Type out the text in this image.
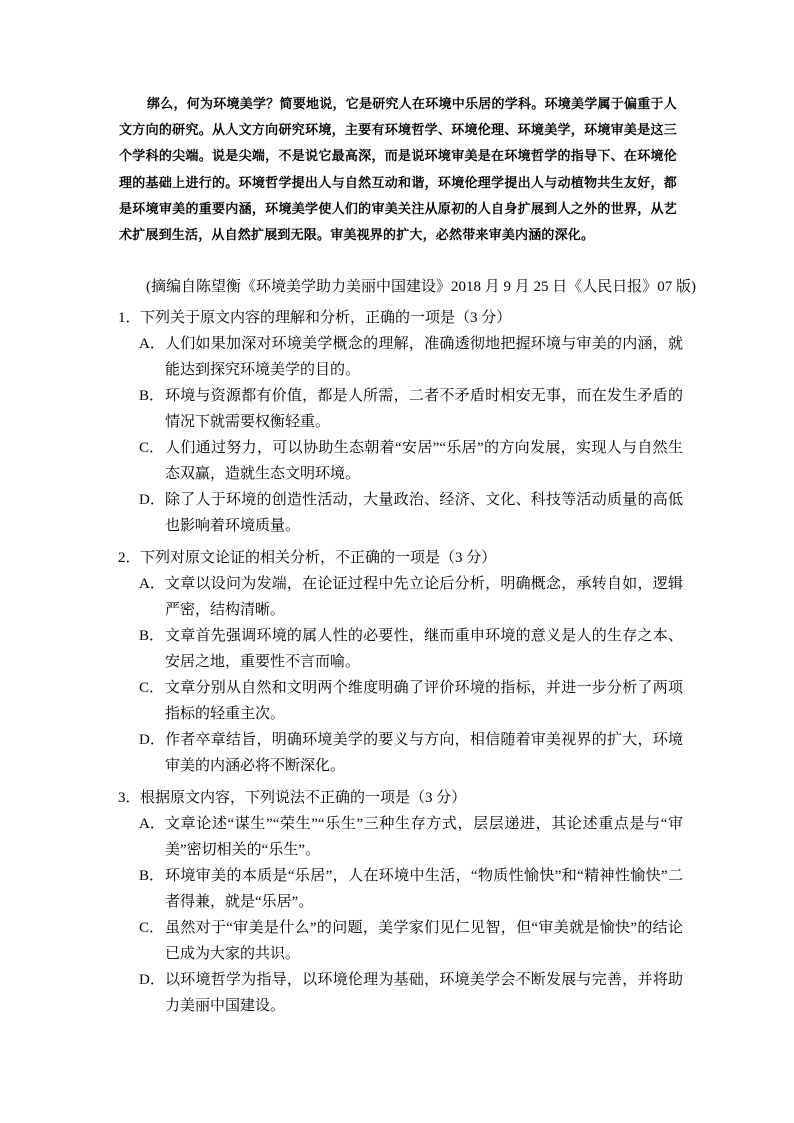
绑么，何为环境美学？简要地说，它是研究人在环境中乐居的学科。环境美学属于偏重于人文方向的研究。从人文方向研究环境，主要有环境哲学、环境伦理、环境美学，环境审美是这三个学科的尖端。说是尖端，不是说它最高深，而是说环境审美是在环境哲学的指导下、在环境伦理的基础上进行的。环境哲学提出人与自然互动和谐，环境伦理学提出人与动植物共生友好，都是环境审美的重要内涵，环境美学使人们的审美关注从原初的人自身扩展到人之外的世界，从艺术扩展到生活，从自然扩展到无限。审美视界的扩大，必然带来审美内涵的深化。
(摘编自陈望衡《环境美学助力美丽中国建设》2018 月 9 月 25 日《人民日报》07 版)
1．下列关于原文内容的理解和分析，正确的一项是（3 分）
A． 人们如果加深对环境美学概念的理解，准确透彻地把握环境与审美的内涵，就能达到探究环境美学的目的。
B． 环境与资源都有价值，都是人所需，二者不矛盾时相安无事，而在发生矛盾的情况下就需要权衡轻重。
C． 人们通过努力，可以协助生态朝着“安居”“乐居”的方向发展，实现人与自然生态双赢，造就生态文明环境。
D． 除了人于环境的创造性活动，大量政治、经济、文化、科技等活动质量的高低也影响着环境质量。
2．下列对原文论证的相关分析，不正确的一项是（3 分）
A． 文章以设问为发端，在论证过程中先立论后分析，明确概念，承转自如，逻辑严密，结构清晰。
B． 文章首先强调环境的属人性的必要性，继而重申环境的意义是人的生存之本、安居之地，重要性不言而喻。
C． 文章分别从自然和文明两个维度明确了评价环境的指标，并进一步分析了两项指标的轻重主次。
D． 作者卒章结旨，明确环境美学的要义与方向，相信随着审美视界的扩大，环境审美的内涵必将不断深化。
3．根据原文内容，下列说法不正确的一项是（3 分）
A． 文章论述“谋生”“荣生”“乐生”三种生存方式，层层递进，其论述重点是与“审美”密切相关的“乐生”。
B． 环境审美的本质是“乐居”，人在环境中生活，“物质性愉快”和“精神性愉快”二者得兼，就是“乐居”。
C． 虽然对于“审美是什么”的问题，美学家们见仁见智，但“审美就是愉快”的结论已成为大家的共识。
D． 以环境哲学为指导，以环境伦理为基础，环境美学会不断发展与完善，并将助力美丽中国建设。
